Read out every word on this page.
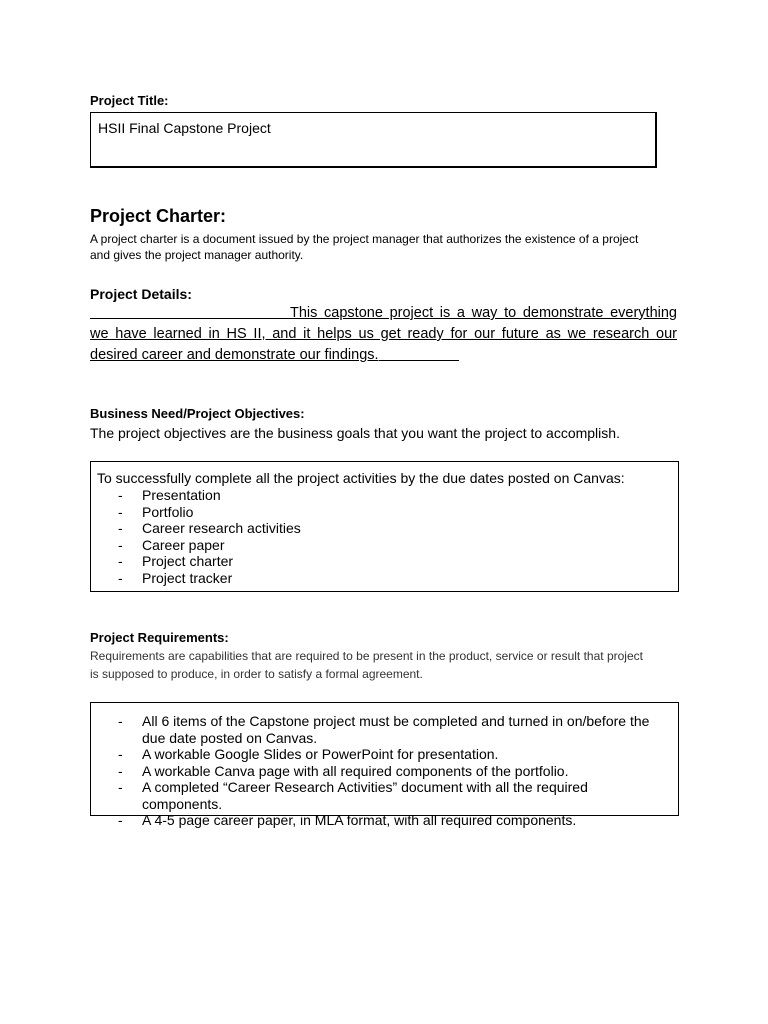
Project Title:
HSII Final Capstone Project
Project Charter:
A project charter is a document issued by the project manager that authorizes the existence of a project
and gives the project manager authority.
Project Details:
This capstone project is a way to demonstrate everything we have learned in HS II, and it helps us get ready for our future as we research our desired career and demonstrate our findings.
Business Need/Project Objectives:
The project objectives are the business goals that you want the project to accomplish.
To successfully complete all the project activities by the due dates posted on Canvas:
- Presentation
- Portfolio
- Career research activities
- Career paper
- Project charter
- Project tracker
Project Requirements:
Requirements are capabilities that are required to be present in the product, service or result that project
is supposed to produce, in order to satisfy a formal agreement.
- All 6 items of the Capstone project must be completed and turned in on/before the due date posted on Canvas.
- A workable Google Slides or PowerPoint for presentation.
- A workable Canva page with all required components of the portfolio.
- A completed “Career Research Activities” document with all the required components.
- A 4-5 page career paper, in MLA format, with all required components.
